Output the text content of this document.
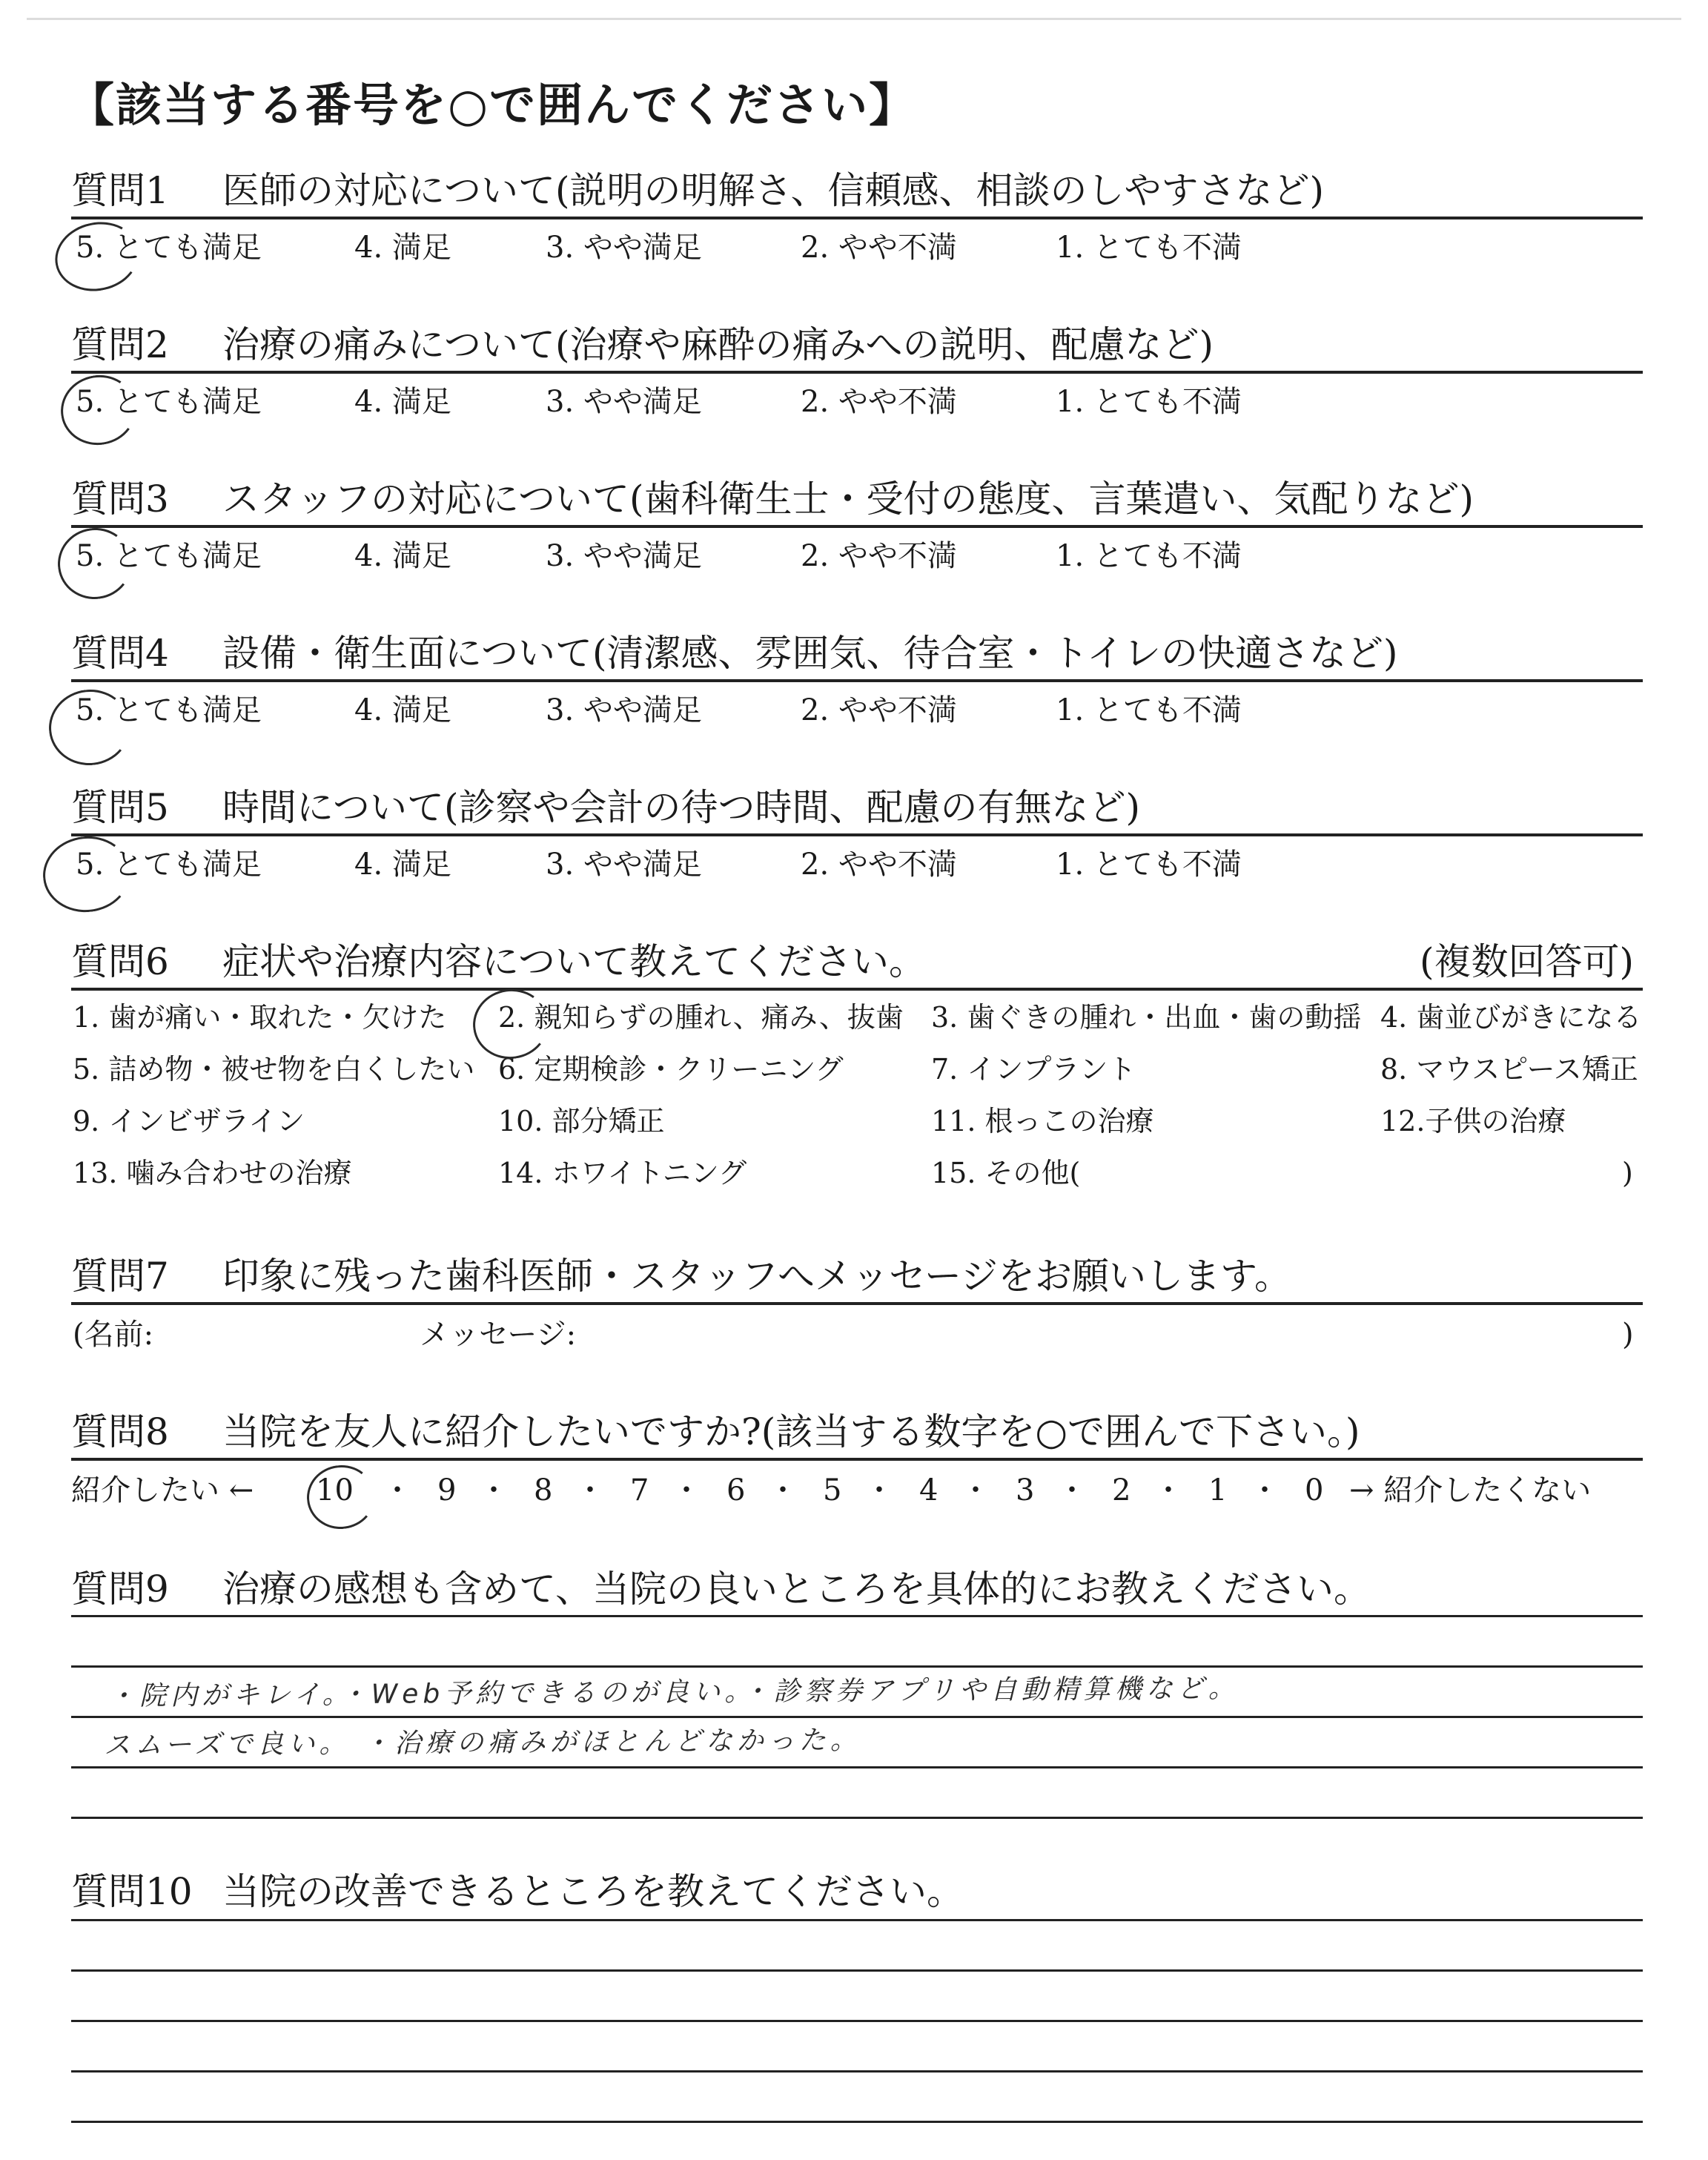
【該当する番号を○で囲んでください】
質問1 医師の対応について(説明の明解さ、信頼感、相談のしやすさなど)
5. とても満足	4. 満足	3. やや満足	2. やや不満	1. とても不満
質問2 治療の痛みについて(治療や麻酔の痛みへの説明、配慮など)
5. とても満足	4. 満足	3. やや満足	2. やや不満	1. とても不満
質問3 スタッフの対応について(歯科衛生士・受付の態度、言葉遣い、気配りなど)
5. とても満足	4. 満足	3. やや満足	2. やや不満	1. とても不満
質問4 設備・衛生面について(清潔感、雰囲気、待合室・トイレの快適さなど)
5. とても満足	4. 満足	3. やや満足	2. やや不満	1. とても不満
質問5 時間について(診察や会計の待つ時間、配慮の有無など)
5. とても満足	4. 満足	3. やや満足	2. やや不満	1. とても不満
質問6 症状や治療内容について教えてください。	(複数回答可)
1. 歯が痛い・取れた・欠けた 2. 親知らずの腫れ、痛み、抜歯 3. 歯ぐきの腫れ・出血・歯の動揺 4. 歯並びがきになる
5. 詰め物・被せ物を白くしたい 6. 定期検診・クリーニング	7. インプラント	8. マウスピース矯正
9. インビザライン	10. 部分矯正	11. 根っこの治療	12.子供の治療
13. 噛み合わせの治療	14. ホワイトニング	15. その他(	)
質問7 印象に残った歯科医師・スタッフへメッセージをお願いします。
(名前:	メッセージ:	)
質問8 当院を友人に紹介したいですか?(該当する数字を○で囲んで下さい。)
紹介したい ← 10 ・ 9 ・ 8 ・ 7 ・ 6 ・ 5 ・ 4 ・ 3 ・ 2 ・ 1 ・ 0 → 紹介したくない
質問9 治療の感想も含めて、当院の良いところを具体的にお教えください。
・院内がキレイ。・Web予約できるのが良い。・診察券アプリや自動精算機など。
スムーズで良い。 ・治療の痛みがほとんどなかった。
質問10 当院の改善できるところを教えてください。
